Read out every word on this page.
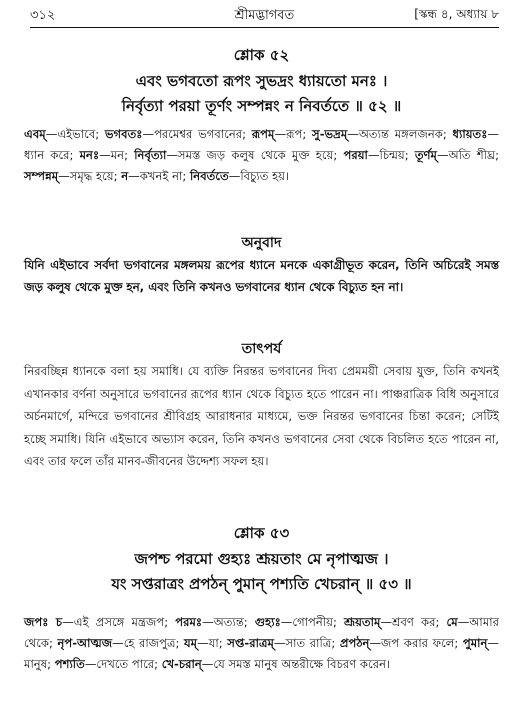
৩১২	শ্রীমদ্ভাগবত	[স্কন্ধ ৪, অধ্যায় ৮
শ্লোক ৫২
এবং ভগবতো রূপং সুভদ্রং ধ্যায়তো মনঃ ।
নির্বৃত্যা পরয়া তূর্ণং সম্পন্নং ন নিবর্ততে ॥ ৫২ ॥
এবম্—এইভাবে; ভগবতঃ—পরমেশ্বর ভগবানের; রূপম্—রূপ; সু-ভদ্রম্—অত্যন্ত মঙ্গলজনক; ধ্যায়তঃ—ধ্যান করে; মনঃ—মন; নির্বৃত্যা—সমস্ত জড় কলুষ থেকে মুক্ত হয়ে; পরয়া—চিন্ময়; তূর্ণম্—অতি শীঘ্র; সম্পন্নম্—সমৃদ্ধ হয়ে; ন—কখনই না; নিবর্ততে—বিচ্যুত হয়।
অনুবাদ
যিনি এইভাবে সর্বদা ভগবানের মঙ্গলময় রূপের ধ্যানে মনকে একাগ্রীভূত করেন, তিনি অচিরেই সমস্ত জড় কলুষ থেকে মুক্ত হন, এবং তিনি কখনও ভগবানের ধ্যান থেকে বিচ্যুত হন না।
তাৎপর্য
নিরবচ্ছিন্ন ধ্যানকে বলা হয় সমাধি। যে ব্যক্তি নিরন্তর ভগবানের দিব্য প্রেমময়ী সেবায় যুক্ত, তিনি কখনই এখানকার বর্ণনা অনুসারে ভগবানের রূপের ধ্যান থেকে বিচ্যুত হতে পারেন না। পাঞ্চরাত্রিক বিধি অনুসারে অর্চনমার্গে, মন্দিরে ভগবানের শ্রীবিগ্রহ আরাধনার মাধ্যমে, ভক্ত নিরন্তর ভগবানের চিন্তা করেন; সেটিই হচ্ছে সমাধি। যিনি এইভাবে অভ্যাস করেন, তিনি কখনও ভগবানের সেবা থেকে বিচলিত হতে পারেন না, এবং তার ফলে তাঁর মানব-জীবনের উদ্দেশ্য সফল হয়।
শ্লোক ৫৩
জপশ্চ পরমো গুহ্যঃ শ্রূয়তাং মে নৃপাত্মজ ।
যং সপ্তরাত্রং প্রপঠন্ পুমান্ পশ্যতি খেচরান্ ॥ ৫৩ ॥
জপঃ চ—এই প্রসঙ্গে মন্ত্রজপ; পরমঃ—অত্যন্ত; গুহ্যঃ—গোপনীয়; শ্রূয়তাম্—শ্রবণ কর; মে—আমার থেকে; নৃপ-আত্মজ—হে রাজপুত্র; যম্—যা; সপ্ত-রাত্রম্—সাত রাত্রি; প্রপঠন্—জপ করার ফলে; পুমান্—মানুষ; পশ্যতি—দেখতে পারে; খে-চরান্—যে সমস্ত মানুষ অন্তরীক্ষে বিচরণ করেন।
